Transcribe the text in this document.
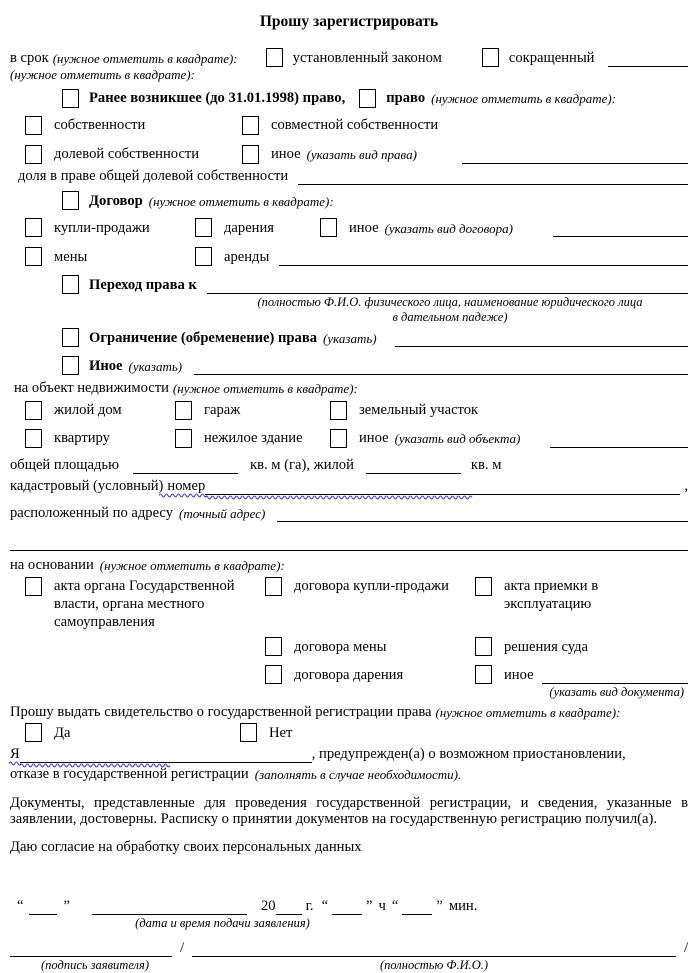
Прошу зарегистрировать
в срок (нужное отметить в квадрате):	установленный законом	сокращенный
(нужное отметить в квадрате):
Ранее возникшее (до 31.01.1998) право,	право (нужное отметить в квадрате):
собственности	совместной собственности
долевой собственности	иное (указать вид права)
доля в праве общей долевой собственности
Договор (нужное отметить в квадрате):
купли-продажи	дарения	иное (указать вид договора)
мены	аренды
Переход права к
(полностью Ф.И.О. физического лица, наименование юридического лица
в дательном падеже)
Ограничение (обременение) права (указать)
Иное (указать)
на объект недвижимости (нужное отметить в квадрате):
жилой дом	гараж	земельный участок
квартиру	нежилое здание	иное (указать вид объекта)
общей площадью	кв. м (га), жилой	кв. м
кадастровый (условный) номер	,
расположенный по адресу (точный адрес)
на основании (нужное отметить в квадрате):
акта органа Государственной власти, органа местного самоуправления
договора купли-продажи	акта приемки в эксплуатацию
договора мены	решения суда
договора дарения	иное
(указать вид документа)
Прошу выдать свидетельство о государственной регистрации права (нужное отметить в квадрате):
Да	Нет
Я	, предупрежден(а) о возможном приостановлении,
отказе в государственной регистрации (заполнять в случае необходимости).
Документы, представленные для проведения государственной регистрации, и сведения, указанные в заявлении, достоверны. Расписку о принятии документов на государственную регистрацию получил(а).
Даю согласие на обработку своих персональных данных
“	”	20 г. “	” ч “	” мин.
(дата и время подачи заявления)
/	/
(подпись заявителя)	(полностью Ф.И.О.)
